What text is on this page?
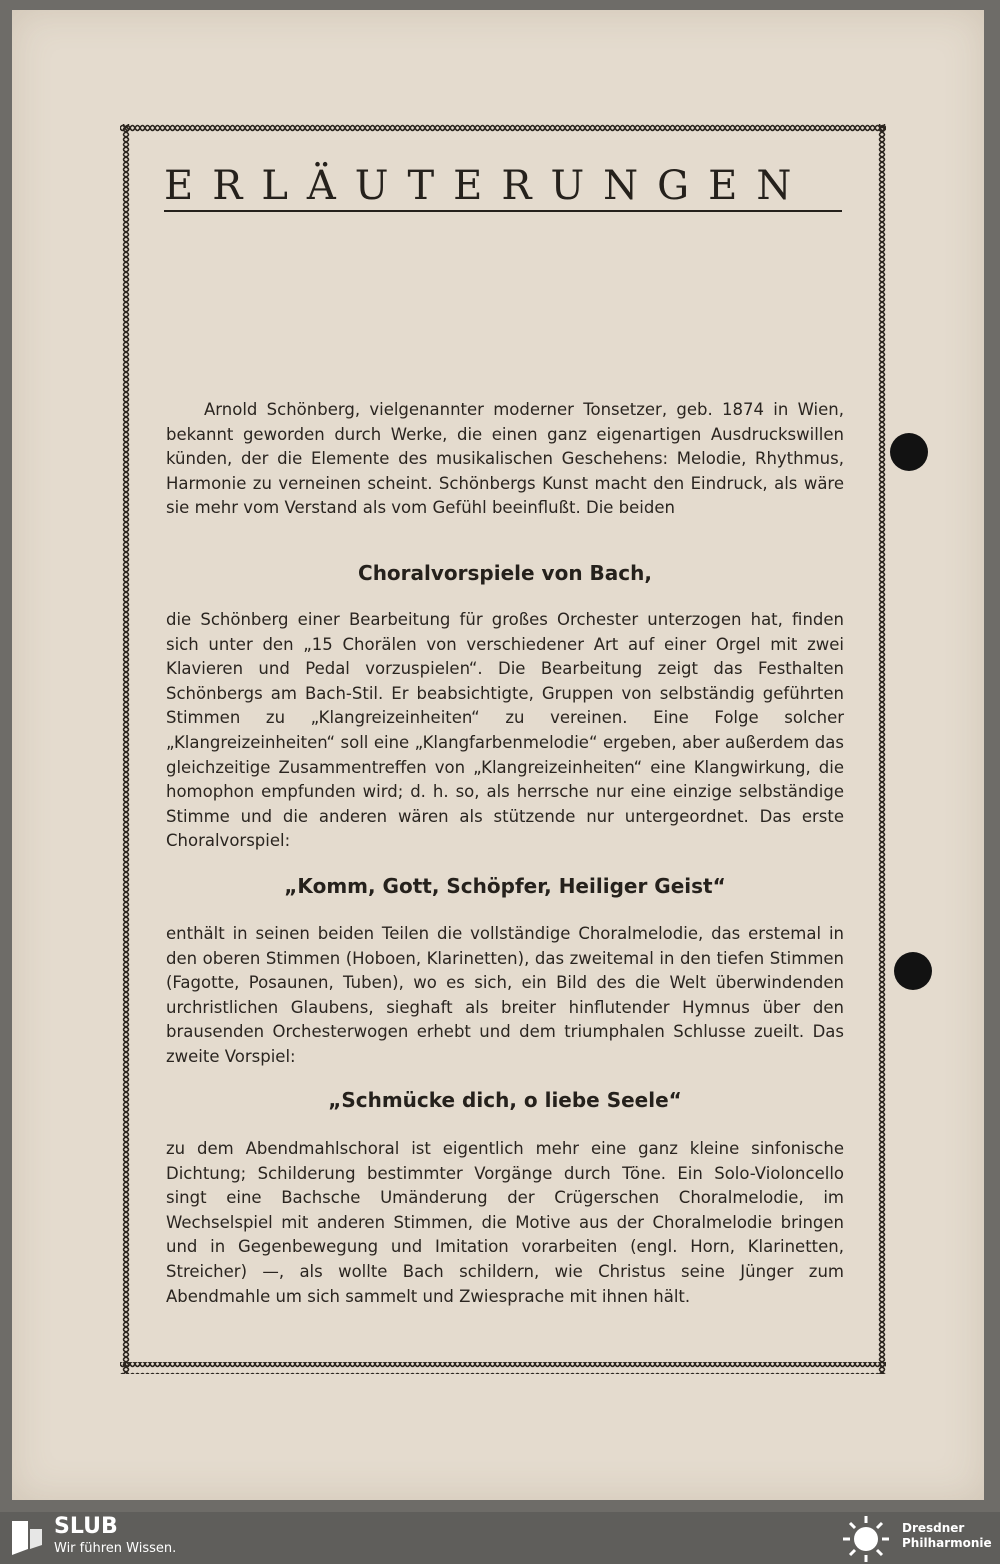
ERLÄUTERUNGEN

Arnold Schönberg, vielgenannter moderner Tonsetzer, geb. 1874 in Wien, bekannt geworden durch Werke, die einen ganz eigenartigen Ausdruckswillen künden, der die Elemente des musikalischen Geschehens: Melodie, Rhythmus, Harmonie zu verneinen scheint. Schönbergs Kunst macht den Eindruck, als wäre sie mehr vom Verstand als vom Gefühl beeinflußt. Die beiden

Choralvorspiele von Bach,

die Schönberg einer Bearbeitung für großes Orchester unterzogen hat, finden sich unter den „15 Chorälen von verschiedener Art auf einer Orgel mit zwei Klavieren und Pedal vorzuspielen“. Die Bearbeitung zeigt das Festhalten Schönbergs am Bach-Stil. Er beabsichtigte, Gruppen von selbständig geführten Stimmen zu „Klangreizeinheiten“ zu vereinen. Eine Folge solcher „Klangreizeinheiten“ soll eine „Klangfarbenmelodie“ ergeben, aber außerdem das gleichzeitige Zusammentreffen von „Klangreizeinheiten“ eine Klangwirkung, die homophon empfunden wird; d. h. so, als herrsche nur eine einzige selbständige Stimme und die anderen wären als stützende nur untergeordnet. Das erste Choralvorspiel:

„Komm, Gott, Schöpfer, Heiliger Geist“

enthält in seinen beiden Teilen die vollständige Choralmelodie, das erstemal in den oberen Stimmen (Hoboen, Klarinetten), das zweitemal in den tiefen Stimmen (Fagotte, Posaunen, Tuben), wo es sich, ein Bild des die Welt überwindenden urchristlichen Glaubens, sieghaft als breiter hinflutender Hymnus über den brausenden Orchesterwogen erhebt und dem triumphalen Schlusse zueilt. Das zweite Vorspiel:

„Schmücke dich, o liebe Seele“

zu dem Abendmahlschoral ist eigentlich mehr eine ganz kleine sinfonische Dichtung; Schilderung bestimmter Vorgänge durch Töne. Ein Solo-Violoncello singt eine Bachsche Umänderung der Crügerschen Choralmelodie, im Wechselspiel mit anderen Stimmen, die Motive aus der Choralmelodie bringen und in Gegenbewegung und Imitation vorarbeiten (engl. Horn, Klarinetten, Streicher) —, als wollte Bach schildern, wie Christus seine Jünger zum Abendmahle um sich sammelt und Zwiesprache mit ihnen hält.

SLUB
Wir führen Wissen.
Dresdner
Philharmonie
